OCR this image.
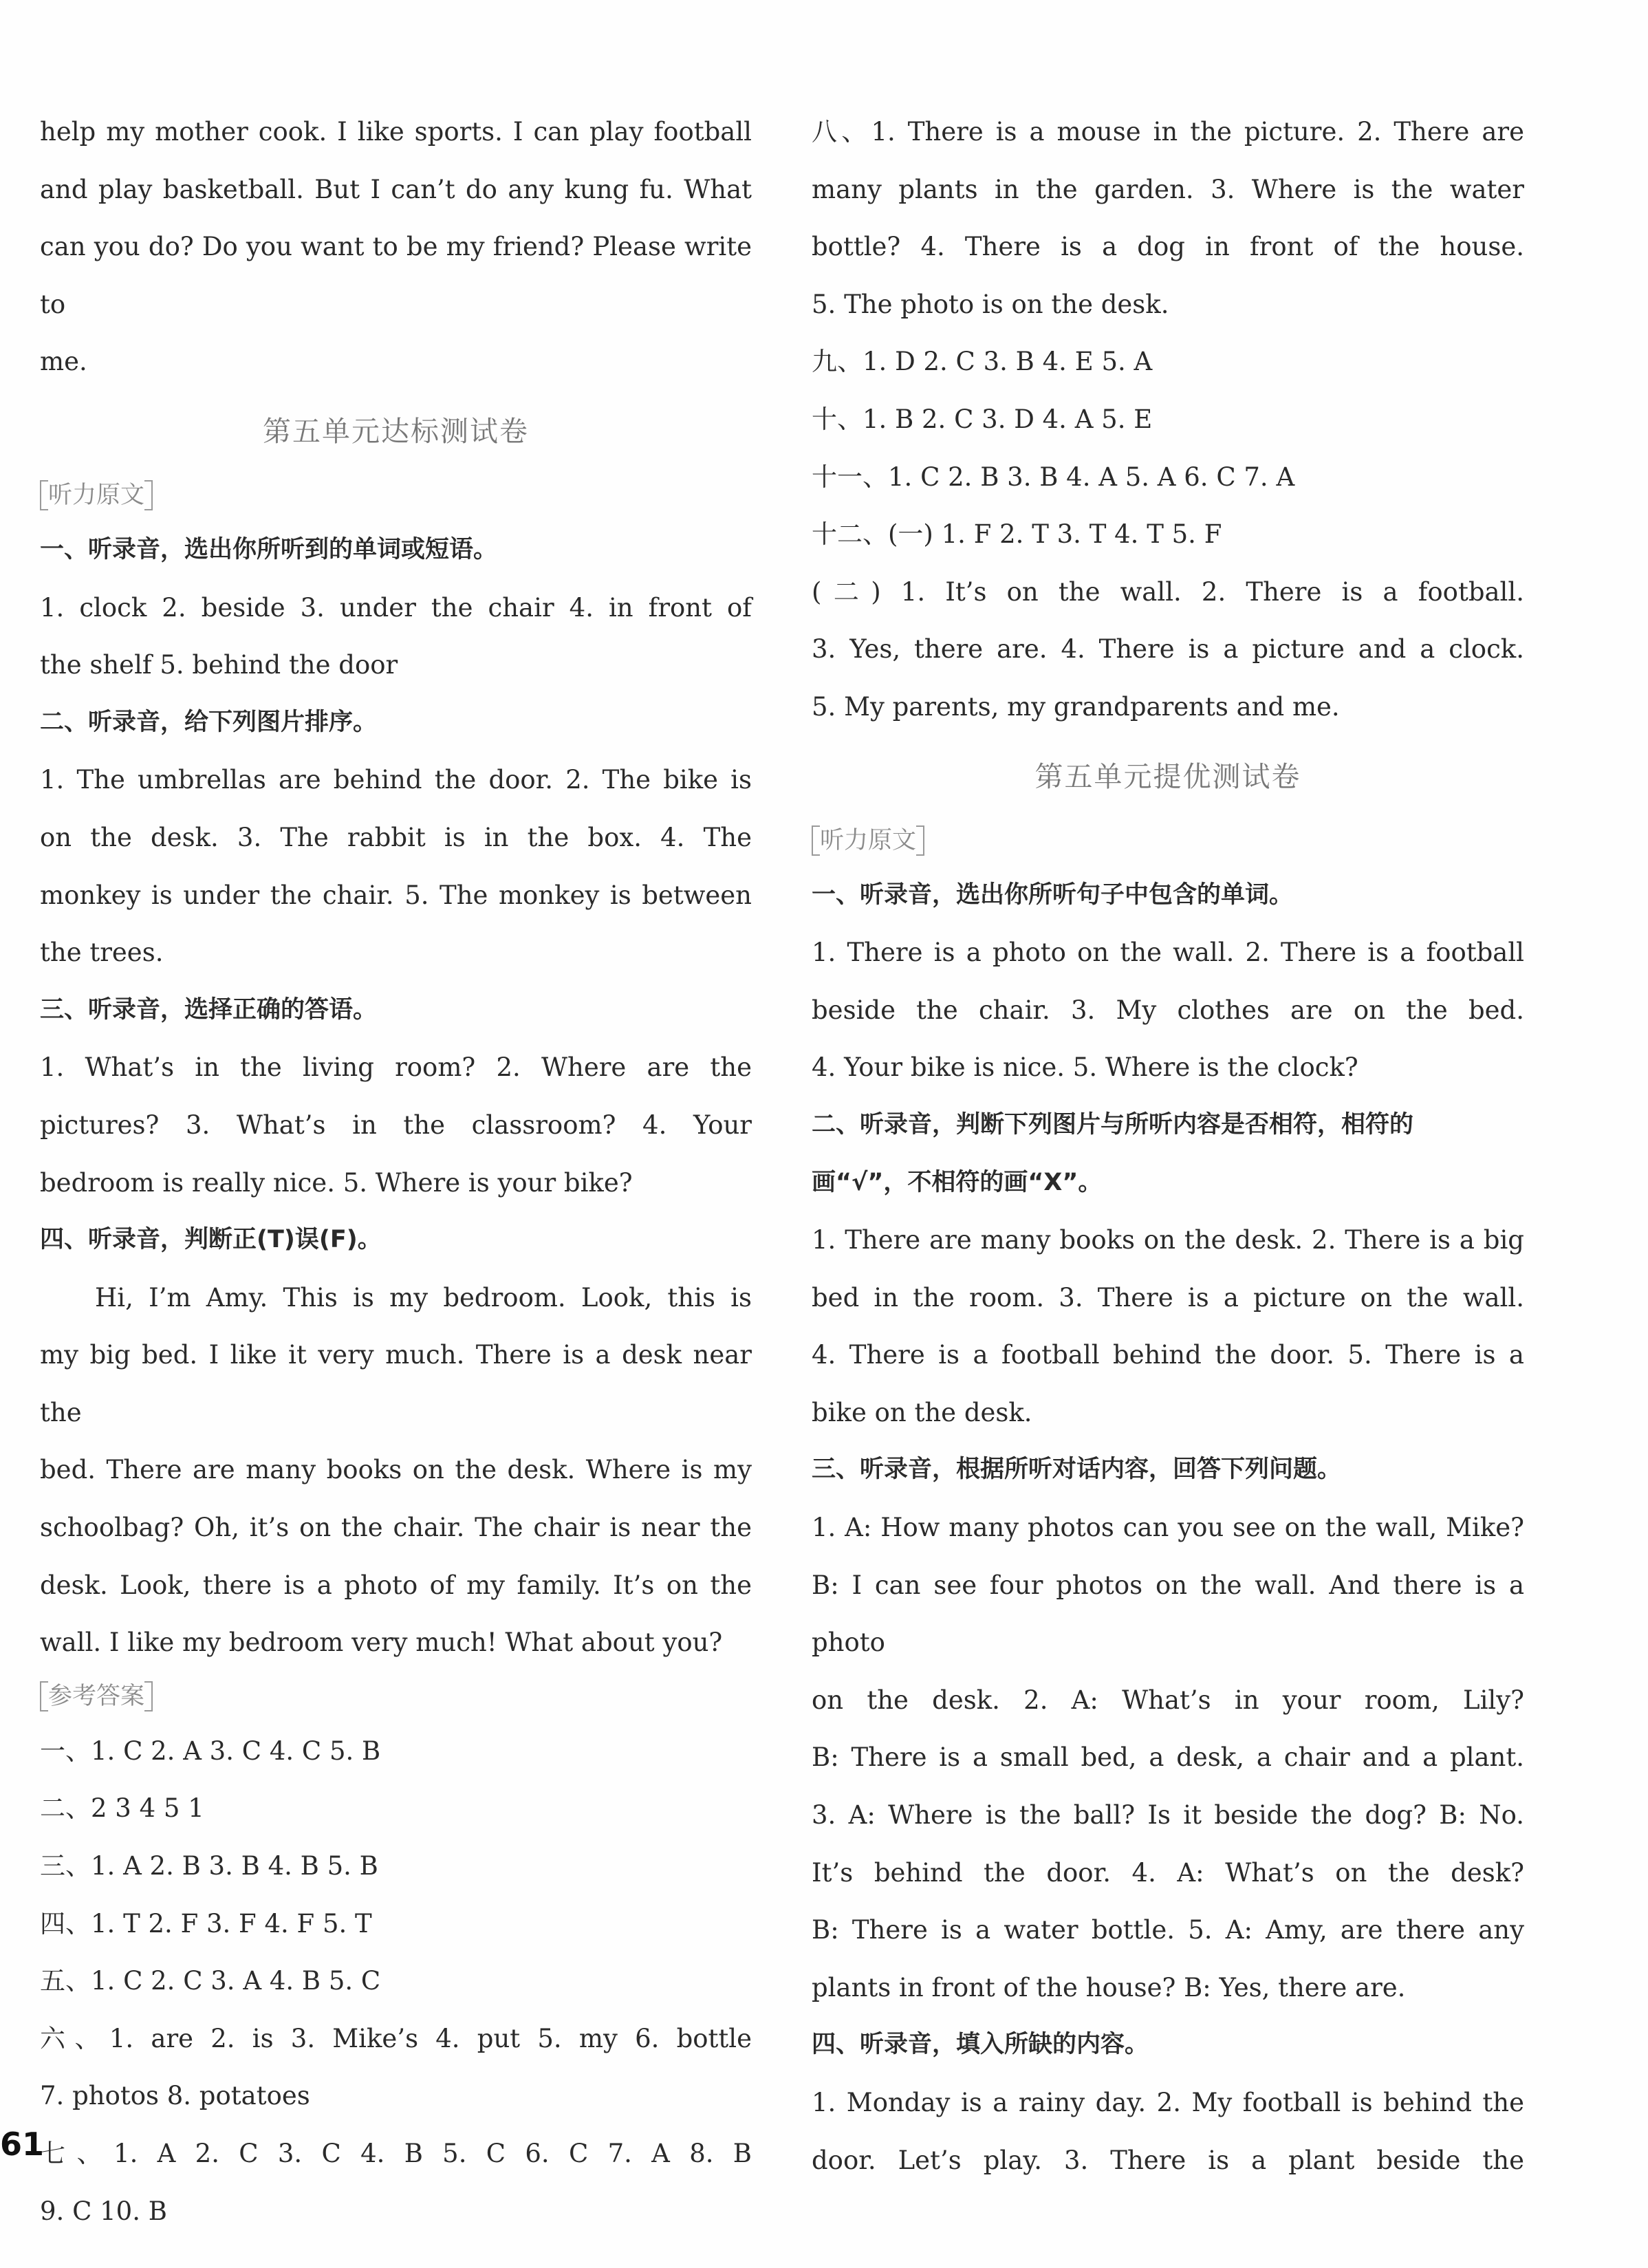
help my mother cook. I like sports. I can play football

and play basketball. But I can’t do any kung fu. What

can you do? Do you want to be my friend? Please write to

me.

第五单元达标测试卷
听力原文

一、听录音，选出你所听到的单词或短语。

1. clock 2. beside 3. under the chair 4. in front of

the shelf 5. behind the door

二、听录音，给下列图片排序。

1. The umbrellas are behind the door. 2. The bike is

on the desk. 3. The rabbit is in the box. 4. The

monkey is under the chair. 5. The monkey is between

the trees.

三、听录音，选择正确的答语。

1. What’s in the living room? 2. Where are the

pictures? 3. What’s in the classroom? 4. Your

bedroom is really nice. 5. Where is your bike?

四、听录音，判断正(T)误(F)。

Hi, I’m Amy. This is my bedroom. Look, this is

my big bed. I like it very much. There is a desk near the

bed. There are many books on the desk. Where is my

schoolbag? Oh, it’s on the chair. The chair is near the

desk. Look, there is a photo of my family. It’s on the

wall. I like my bedroom very much! What about you?

参考答案

一、1. C 2. A 3. C 4. C 5. B

二、2 3 4 5 1

三、1. A 2. B 3. B 4. B 5. B

四、1. T 2. F 3. F 4. F 5. T

五、1. C 2. C 3. A 4. B 5. C

六、1. are 2. is 3. Mike’s 4. put 5. my 6. bottle

7. photos 8. potatoes

七、1. A 2. C 3. C 4. B 5. C 6. C 7. A 8. B

9. C 10. B

八、1. There is a mouse in the picture. 2. There are

many plants in the garden. 3. Where is the water

bottle? 4. There is a dog in front of the house.

5. The photo is on the desk.

九、1. D 2. C 3. B 4. E 5. A

十、1. B 2. C 3. D 4. A 5. E

十一、1. C 2. B 3. B 4. A 5. A 6. C 7. A

十二、(一) 1. F 2. T 3. T 4. T 5. F

(二) 1. It’s on the wall. 2. There is a football.

3. Yes, there are. 4. There is a picture and a clock.

5. My parents, my grandparents and me.

第五单元提优测试卷
听力原文

一、听录音，选出你所听句子中包含的单词。

1. There is a photo on the wall. 2. There is a football

beside the chair. 3. My clothes are on the bed.

4. Your bike is nice. 5. Where is the clock?

二、听录音，判断下列图片与所听内容是否相符，相符的

画“√”，不相符的画“X”。

1. There are many books on the desk. 2. There is a big

bed in the room. 3. There is a picture on the wall.

4. There is a football behind the door. 5. There is a

bike on the desk.

三、听录音，根据所听对话内容，回答下列问题。

1. A: How many photos can you see on the wall, Mike?

B: I can see four photos on the wall. And there is a photo

on the desk. 2. A: What’s in your room, Lily?

B: There is a small bed, a desk, a chair and a plant.

3. A: Where is the ball? Is it beside the dog? B: No.

It’s behind the door. 4. A: What’s on the desk?

B: There is a water bottle. 5. A: Amy, are there any

plants in front of the house? B: Yes, there are.

四、听录音，填入所缺的内容。

1. Monday is a rainy day. 2. My football is behind the

door. Let’s play. 3. There is a plant beside the

61
